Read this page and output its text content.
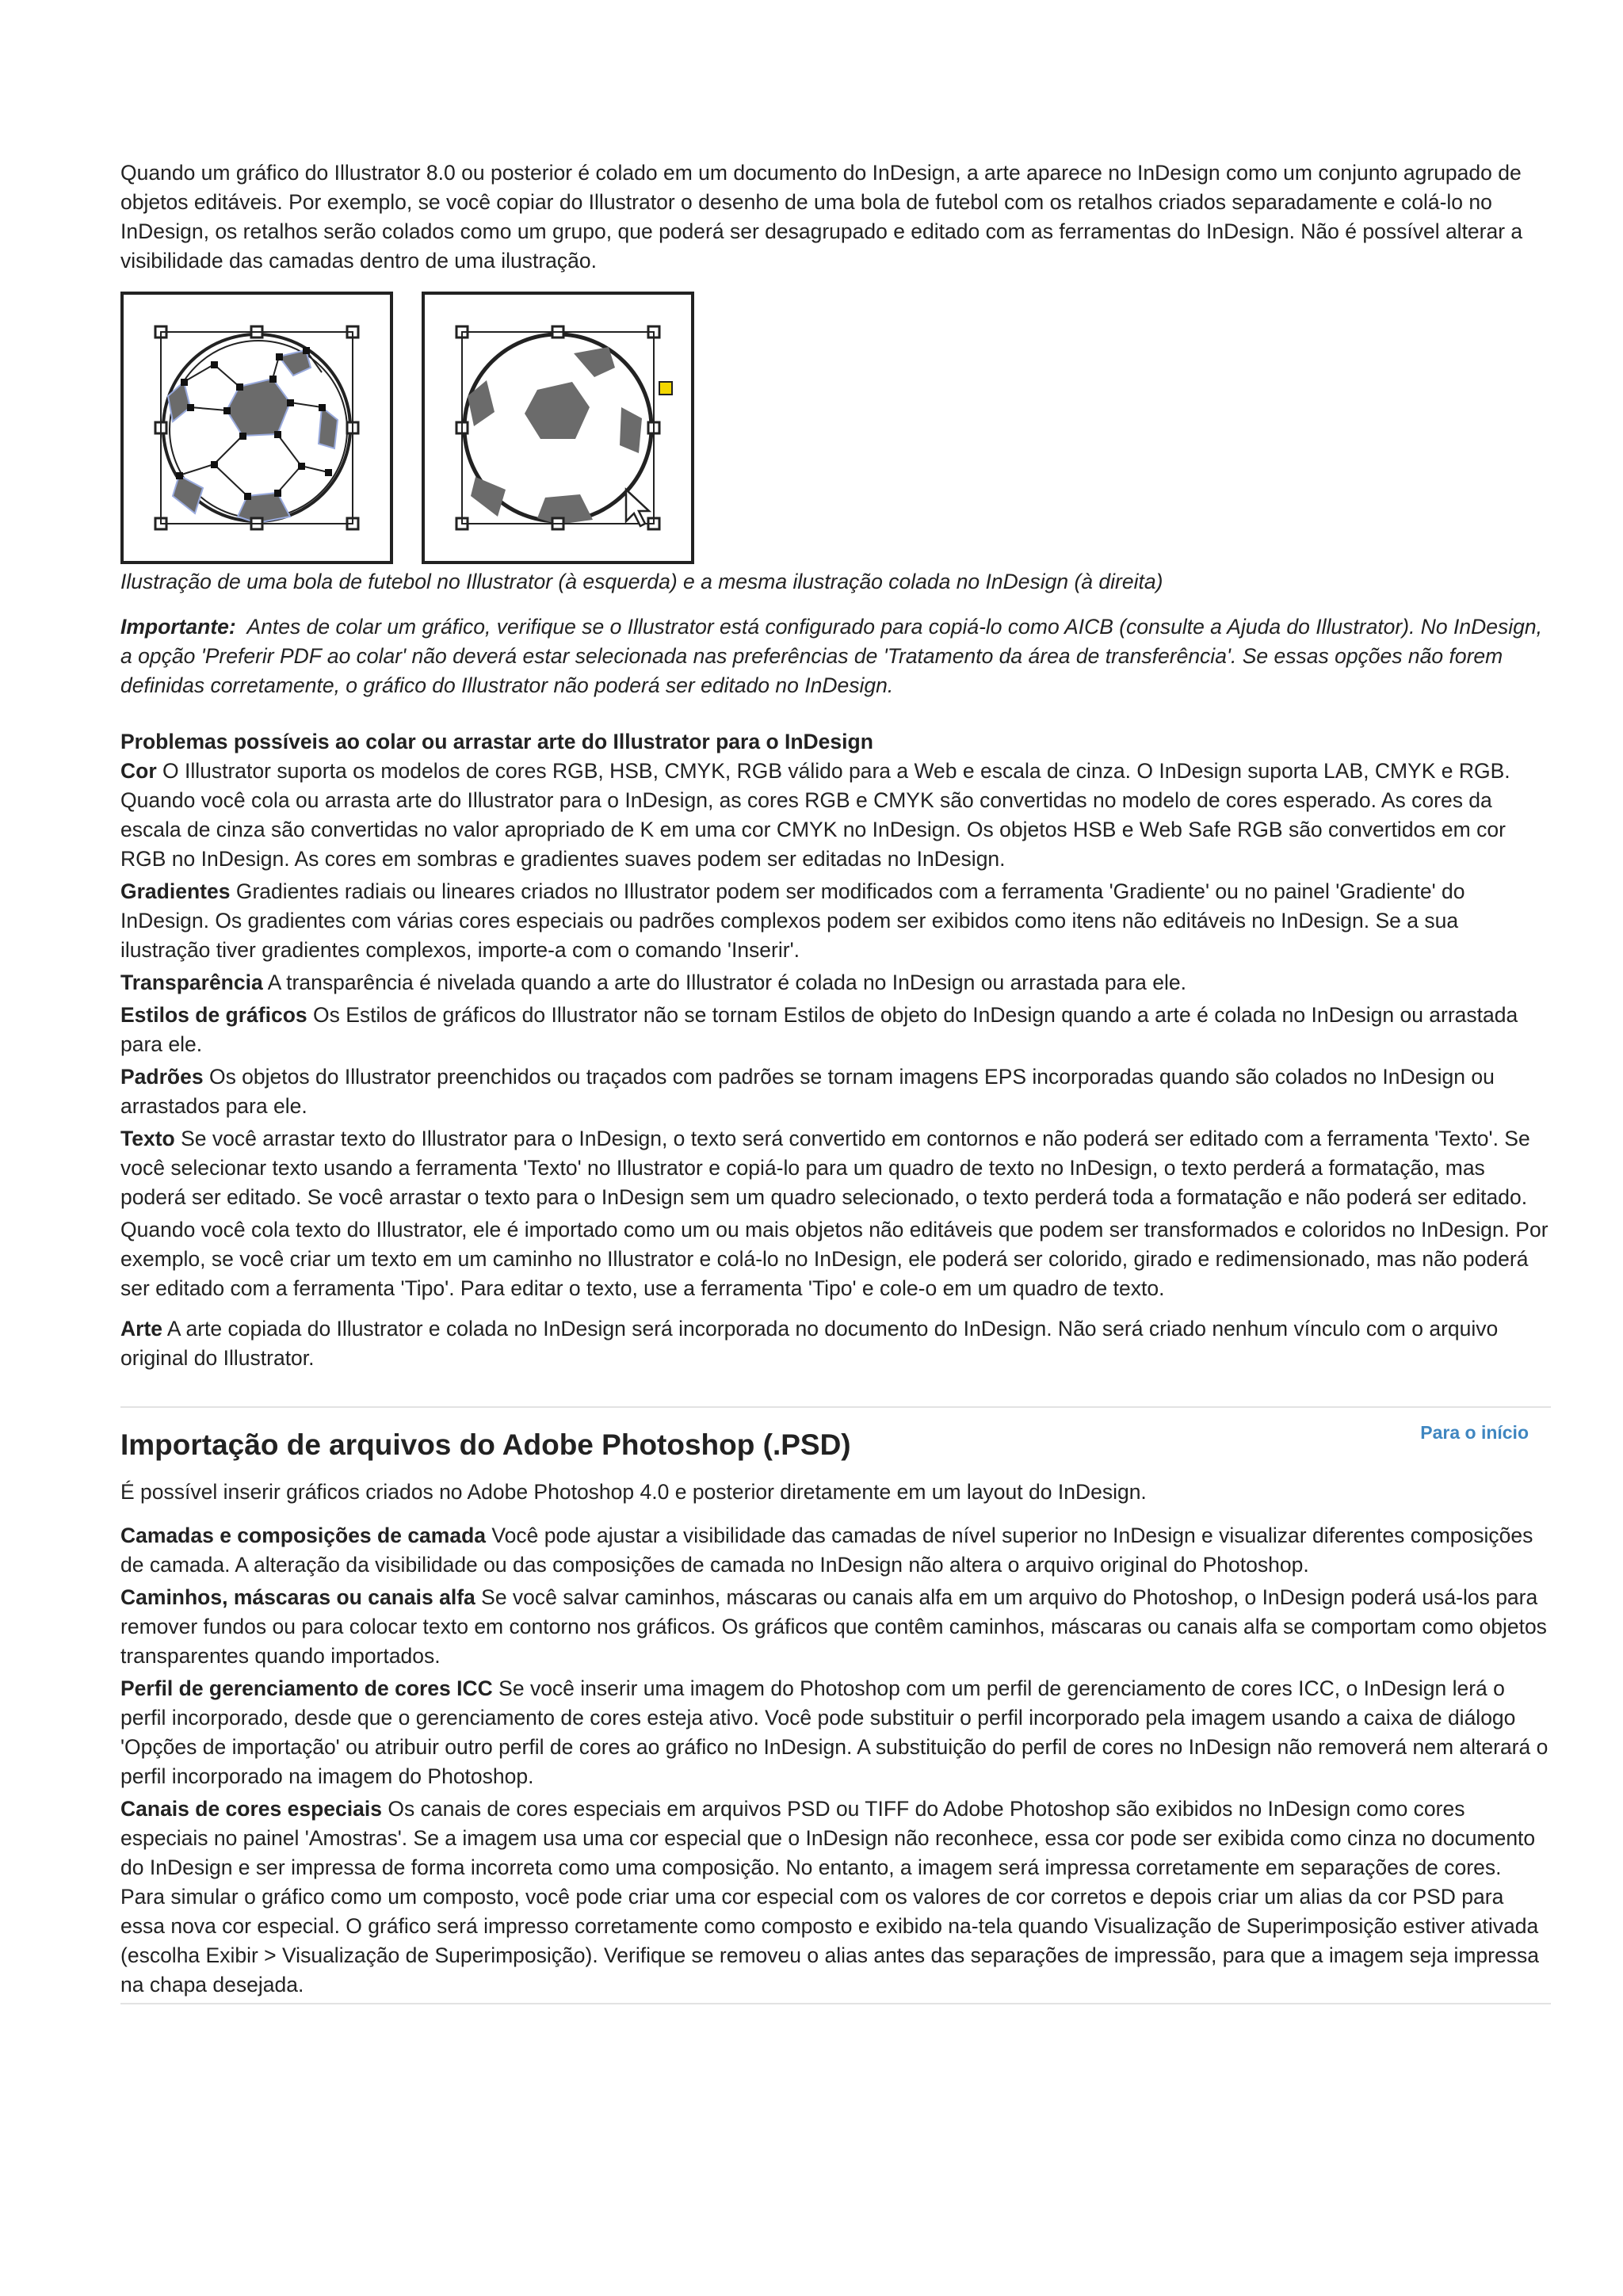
Quando um gráfico do Illustrator 8.0 ou posterior é colado em um documento do InDesign, a arte aparece no InDesign como um conjunto agrupado de objetos editáveis. Por exemplo, se você copiar do Illustrator o desenho de uma bola de futebol com os retalhos criados separadamente e colá-lo no InDesign, os retalhos serão colados como um grupo, que poderá ser desagrupado e editado com as ferramentas do InDesign. Não é possível alterar a visibilidade das camadas dentro de uma ilustração.

Ilustração de uma bola de futebol no Illustrator (à esquerda) e a mesma ilustração colada no InDesign (à direita)

Importante: Antes de colar um gráfico, verifique se o Illustrator está configurado para copiá-lo como AICB (consulte a Ajuda do Illustrator). No InDesign, a opção 'Preferir PDF ao colar' não deverá estar selecionada nas preferências de 'Tratamento da área de transferência'. Se essas opções não forem definidas corretamente, o gráfico do Illustrator não poderá ser editado no InDesign.

Problemas possíveis ao colar ou arrastar arte do Illustrator para o InDesign

Cor O Illustrator suporta os modelos de cores RGB, HSB, CMYK, RGB válido para a Web e escala de cinza. O InDesign suporta LAB, CMYK e RGB. Quando você cola ou arrasta arte do Illustrator para o InDesign, as cores RGB e CMYK são convertidas no modelo de cores esperado. As cores da escala de cinza são convertidas no valor apropriado de K em uma cor CMYK no InDesign. Os objetos HSB e Web Safe RGB são convertidos em cor RGB no InDesign. As cores em sombras e gradientes suaves podem ser editadas no InDesign.

Gradientes Gradientes radiais ou lineares criados no Illustrator podem ser modificados com a ferramenta 'Gradiente' ou no painel 'Gradiente' do InDesign. Os gradientes com várias cores especiais ou padrões complexos podem ser exibidos como itens não editáveis no InDesign. Se a sua ilustração tiver gradientes complexos, importe-a com o comando 'Inserir'.

Transparência A transparência é nivelada quando a arte do Illustrator é colada no InDesign ou arrastada para ele.

Estilos de gráficos Os Estilos de gráficos do Illustrator não se tornam Estilos de objeto do InDesign quando a arte é colada no InDesign ou arrastada para ele.

Padrões Os objetos do Illustrator preenchidos ou traçados com padrões se tornam imagens EPS incorporadas quando são colados no InDesign ou arrastados para ele.

Texto Se você arrastar texto do Illustrator para o InDesign, o texto será convertido em contornos e não poderá ser editado com a ferramenta 'Texto'. Se você selecionar texto usando a ferramenta 'Texto' no Illustrator e copiá-lo para um quadro de texto no InDesign, o texto perderá a formatação, mas poderá ser editado. Se você arrastar o texto para o InDesign sem um quadro selecionado, o texto perderá toda a formatação e não poderá ser editado.

Quando você cola texto do Illustrator, ele é importado como um ou mais objetos não editáveis que podem ser transformados e coloridos no InDesign. Por exemplo, se você criar um texto em um caminho no Illustrator e colá-lo no InDesign, ele poderá ser colorido, girado e redimensionado, mas não poderá ser editado com a ferramenta 'Tipo'. Para editar o texto, use a ferramenta 'Tipo' e cole-o em um quadro de texto.

Arte A arte copiada do Illustrator e colada no InDesign será incorporada no documento do InDesign. Não será criado nenhum vínculo com o arquivo original do Illustrator.

Importação de arquivos do Adobe Photoshop (.PSD)	Para o início

É possível inserir gráficos criados no Adobe Photoshop 4.0 e posterior diretamente em um layout do InDesign.

Camadas e composições de camada Você pode ajustar a visibilidade das camadas de nível superior no InDesign e visualizar diferentes composições de camada. A alteração da visibilidade ou das composições de camada no InDesign não altera o arquivo original do Photoshop.

Caminhos, máscaras ou canais alfa Se você salvar caminhos, máscaras ou canais alfa em um arquivo do Photoshop, o InDesign poderá usá-los para remover fundos ou para colocar texto em contorno nos gráficos. Os gráficos que contêm caminhos, máscaras ou canais alfa se comportam como objetos transparentes quando importados.

Perfil de gerenciamento de cores ICC Se você inserir uma imagem do Photoshop com um perfil de gerenciamento de cores ICC, o InDesign lerá o perfil incorporado, desde que o gerenciamento de cores esteja ativo. Você pode substituir o perfil incorporado pela imagem usando a caixa de diálogo 'Opções de importação' ou atribuir outro perfil de cores ao gráfico no InDesign. A substituição do perfil de cores no InDesign não removerá nem alterará o perfil incorporado na imagem do Photoshop.

Canais de cores especiais Os canais de cores especiais em arquivos PSD ou TIFF do Adobe Photoshop são exibidos no InDesign como cores especiais no painel 'Amostras'. Se a imagem usa uma cor especial que o InDesign não reconhece, essa cor pode ser exibida como cinza no documento do InDesign e ser impressa de forma incorreta como uma composição. No entanto, a imagem será impressa corretamente em separações de cores. Para simular o gráfico como um composto, você pode criar uma cor especial com os valores de cor corretos e depois criar um alias da cor PSD para essa nova cor especial. O gráfico será impresso corretamente como composto e exibido na-tela quando Visualização de Superimposição estiver ativada (escolha Exibir > Visualização de Superimposição). Verifique se removeu o alias antes das separações de impressão, para que a imagem seja impressa na chapa desejada.
